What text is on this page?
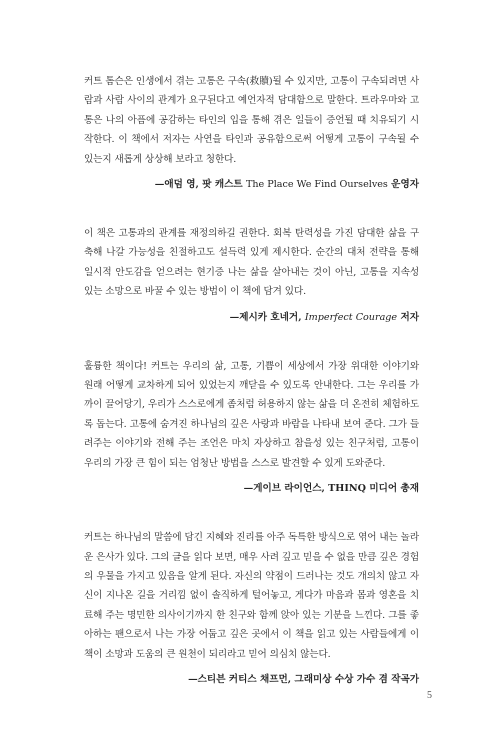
커트 톰슨은 인생에서 겪는 고통은 구속(救贖)될 수 있지만, 고통이 구속되려면 사람과 사람 사이의 관계가 요구된다고 예언자적 담대함으로 말한다. 트라우마와 고통은 나의 아픔에 공감하는 타인의 입을 통해 겪은 일들이 증언될 때 치유되기 시작한다. 이 책에서 저자는 사연을 타인과 공유함으로써 어떻게 고통이 구속될 수 있는지 새롭게 상상해 보라고 청한다.

—애덤 영, 팟 캐스트 The Place We Find Ourselves 운영자

이 책은 고통과의 관계를 재정의하길 권한다. 회복 탄력성을 가진 담대한 삶을 구축해 나갈 가능성을 친절하고도 설득력 있게 제시한다. 순간의 대처 전략을 통해 일시적 안도감을 얻으려는 현기증 나는 삶을 살아내는 것이 아닌, 고통을 지속성 있는 소망으로 바꿀 수 있는 방법이 이 책에 담겨 있다.

—제시카 호네거, Imperfect Courage 저자

훌륭한 책이다! 커트는 우리의 삶, 고통, 기쁨이 세상에서 가장 위대한 이야기와 원래 어떻게 교차하게 되어 있었는지 깨닫을 수 있도록 안내한다. 그는 우리를 가까이 끌어당기, 우리가 스스로에게 좀처럼 허용하지 않는 삶을 더 온전히 체험하도록 돕는다. 고통에 숨겨진 하나님의 깊은 사랑과 바람을 나타내 보여 준다. 그가 들려주는 이야기와 전해 주는 조언은 마치 자상하고 참을성 있는 친구처럼, 고통이 우리의 가장 큰 힘이 되는 엄청난 방법을 스스로 발견할 수 있게 도와준다.

—게이브 라이언스, THINQ 미디어 총재

커트는 하나님의 말씀에 담긴 지혜와 진리를 아주 독특한 방식으로 엮어 내는 놀라운 은사가 있다. 그의 글을 읽다 보면, 매우 사려 깊고 믿을 수 없을 만큼 깊은 경험의 우물을 가지고 있음을 알게 된다. 자신의 약점이 드러나는 것도 개의치 않고 자신이 지나온 길을 거리낌 없이 솔직하게 털어놓고, 게다가 마음과 몸과 영혼을 치료해 주는 명민한 의사이기까지 한 친구와 함께 앉아 있는 기분을 느낀다. 그를 좋아하는 팬으로서 나는 가장 어둡고 깊은 곳에서 이 책을 읽고 있는 사람들에게 이 책이 소망과 도움의 큰 원천이 되리라고 믿어 의심치 않는다.

—스티븐 커티스 채프먼, 그래미상 수상 가수 겸 작곡가

5
